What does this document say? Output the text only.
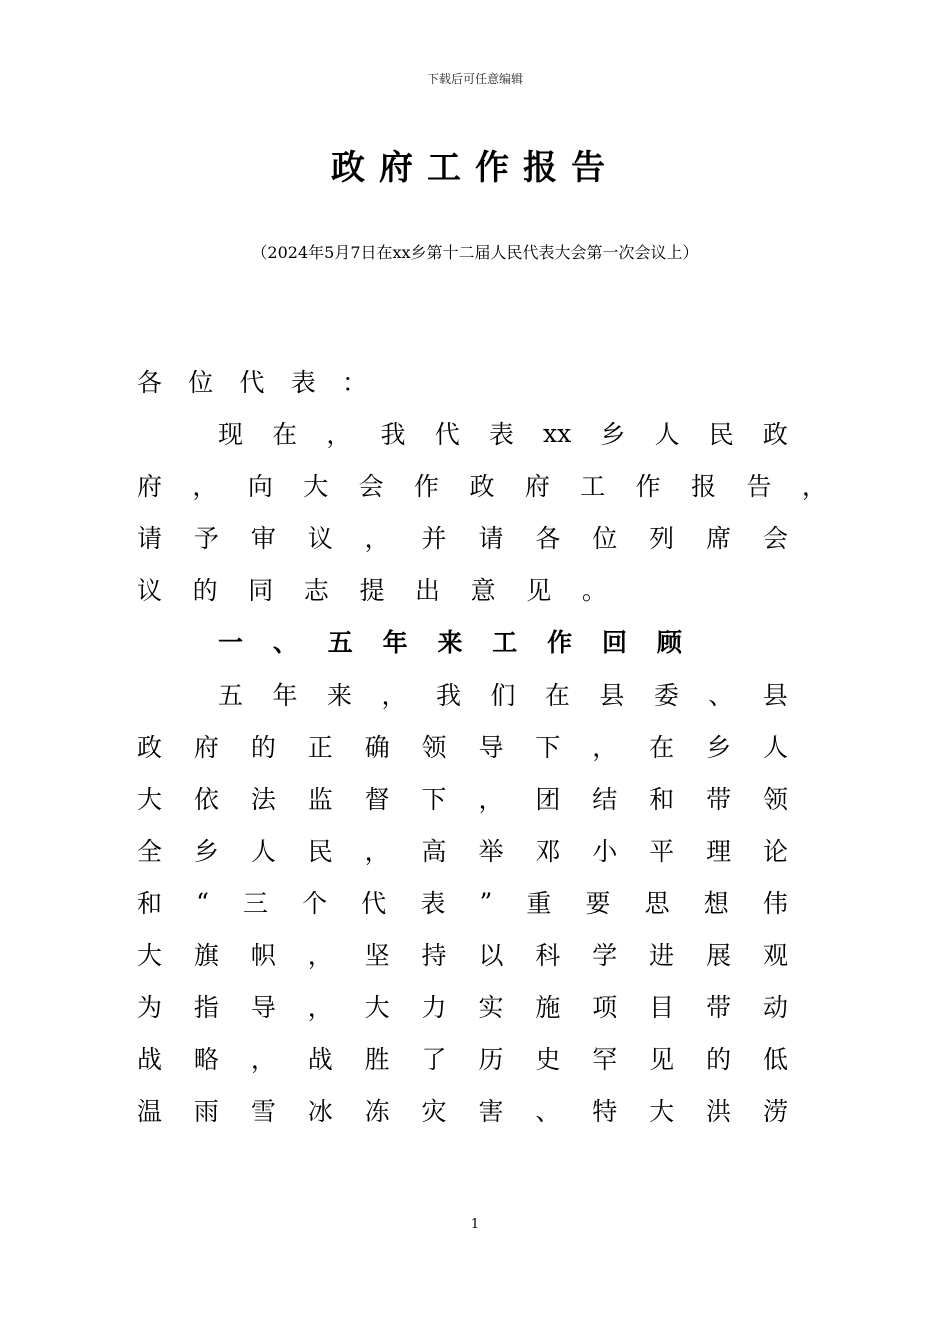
下载后可任意编辑
政府工作报告
（2024年5月7日在xx乡第十二届人民代表大会第一次会议上）
各 位 代 表 ：
现 在 ， 我 代 表 xx 乡 人 民 政
府 ， 向 大 会 作 政 府 工 作 报 告 ，
请 予 审 议 ， 并 请 各 位 列 席 会
议 的 同 志 提 出 意 见 。
一 、 五 年 来 工 作 回 顾
五 年 来 ， 我 们 在 县 委 、 县
政 府 的 正 确 领 导 下 ， 在 乡 人
大 依 法 监 督 下 ， 团 结 和 带 领
全 乡 人 民 ， 高 举 邓 小 平 理 论
和 “ 三 个 代 表 ” 重 要 思 想 伟
大 旗 帜 ， 坚 持 以 科 学 进 展 观
为 指 导 ， 大 力 实 施 项 目 带 动
战 略 ， 战 胜 了 历 史 罕 见 的 低
温 雨 雪 冰 冻 灾 害 、 特 大 洪 涝
1
